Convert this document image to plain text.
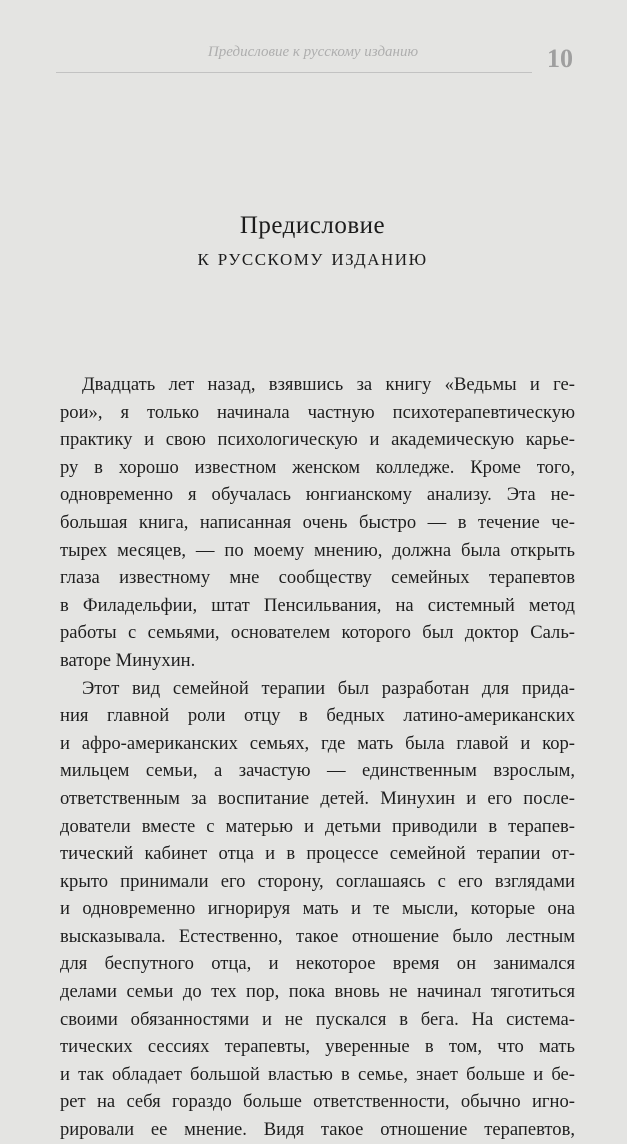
Предисловие к русскому изданию	10
Предисловие
к русскому изданию
Двадцать лет назад, взявшись за книгу «Ведьмы и ге-
рои», я только начинала частную психотерапевтическую
практику и свою психологическую и академическую карье-
ру в хорошо известном женском колледже. Кроме того,
одновременно я обучалась юнгианскому анализу. Эта не-
большая книга, написанная очень быстро — в течение че-
тырех месяцев, — по моему мнению, должна была открыть
глаза известному мне сообществу семейных терапевтов
в Филадельфии, штат Пенсильвания, на системный метод
работы с семьями, основателем которого был доктор Саль-
ваторе Минухин.
Этот вид семейной терапии был разработан для прида-
ния главной роли отцу в бедных латино-американских
и афро-американских семьях, где мать была главой и кор-
мильцем семьи, а зачастую — единственным взрослым,
ответственным за воспитание детей. Минухин и его после-
дователи вместе с матерью и детьми приводили в терапев-
тический кабинет отца и в процессе семейной терапии от-
крыто принимали его сторону, соглашаясь с его взглядами
и одновременно игнорируя мать и те мысли, которые она
высказывала. Естественно, такое отношение было лестным
для беспутного отца, и некоторое время он занимался
делами семьи до тех пор, пока вновь не начинал тяготиться
своими обязанностями и не пускался в бега. На система-
тических сессиях терапевты, уверенные в том, что мать
и так обладает большой властью в семье, знает больше и бе-
рет на себя гораздо больше ответственности, обычно игно-
рировали ее мнение. Видя такое отношение терапевтов,
